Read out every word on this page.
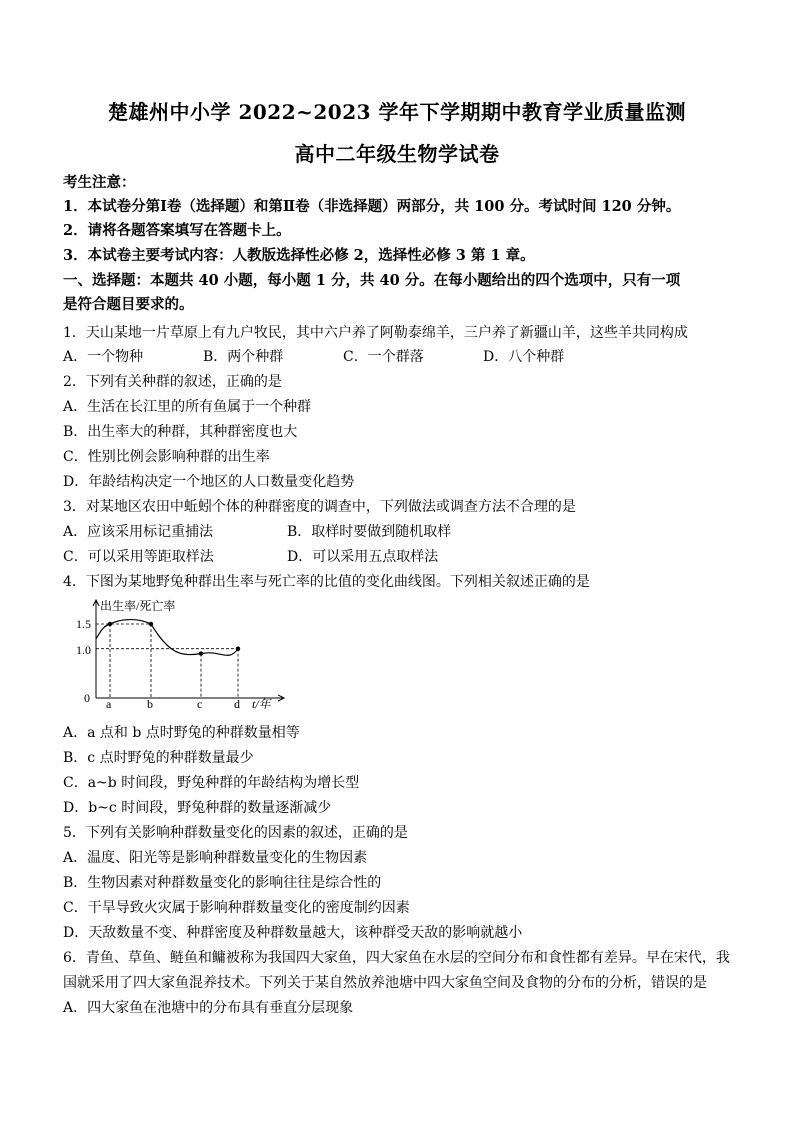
楚雄州中小学 2022~2023 学年下学期期中教育学业质量监测
高中二年级生物学试卷
考生注意：
1．本试卷分第Ⅰ卷（选择题）和第Ⅱ卷（非选择题）两部分，共 100 分。考试时间 120 分钟。
2．请将各题答案填写在答题卡上。
3．本试卷主要考试内容：人教版选择性必修 2，选择性必修 3 第 1 章。
一、选择题：本题共 40 小题，每小题 1 分，共 40 分。在每小题给出的四个选项中，只有一项
是符合题目要求的。
1．天山某地一片草原上有九户牧民，其中六户养了阿勒泰绵羊，三户养了新疆山羊，这些羊共同构成
A．一个物种	B．两个种群	C．一个群落	D．八个种群
2．下列有关种群的叙述，正确的是
A．生活在长江里的所有鱼属于一个种群
B．出生率大的种群，其种群密度也大
C．性别比例会影响种群的出生率
D．年龄结构决定一个地区的人口数量变化趋势
3．对某地区农田中蚯蚓个体的种群密度的调查中，下列做法或调查方法不合理的是
A．应该采用标记重捕法	B．取样时要做到随机取样
C．可以采用等距取样法	D．可以采用五点取样法
4．下图为某地野兔种群出生率与死亡率的比值的变化曲线图。下列相关叙述正确的是
出生率/死亡率
1.5
1.0
0 a	b	c	d t/年
A．a 点和 b 点时野兔的种群数量相等
B．c 点时野兔的种群数量最少
C．a~b 时间段，野兔种群的年龄结构为增长型
D．b~c 时间段，野兔种群的数量逐渐减少
5．下列有关影响种群数量变化的因素的叙述，正确的是
A．温度、阳光等是影响种群数量变化的生物因素
B．生物因素对种群数量变化的影响往往是综合性的
C．干旱导致火灾属于影响种群数量变化的密度制约因素
D．天敌数量不变、种群密度及种群数量越大，该种群受天敌的影响就越小
6．青鱼、草鱼、鲢鱼和鳙被称为我国四大家鱼，四大家鱼在水层的空间分布和食性都有差异。早在宋代，我
国就采用了四大家鱼混养技术。下列关于某自然放养池塘中四大家鱼空间及食物的分布的分析，错误的是
A．四大家鱼在池塘中的分布具有垂直分层现象
